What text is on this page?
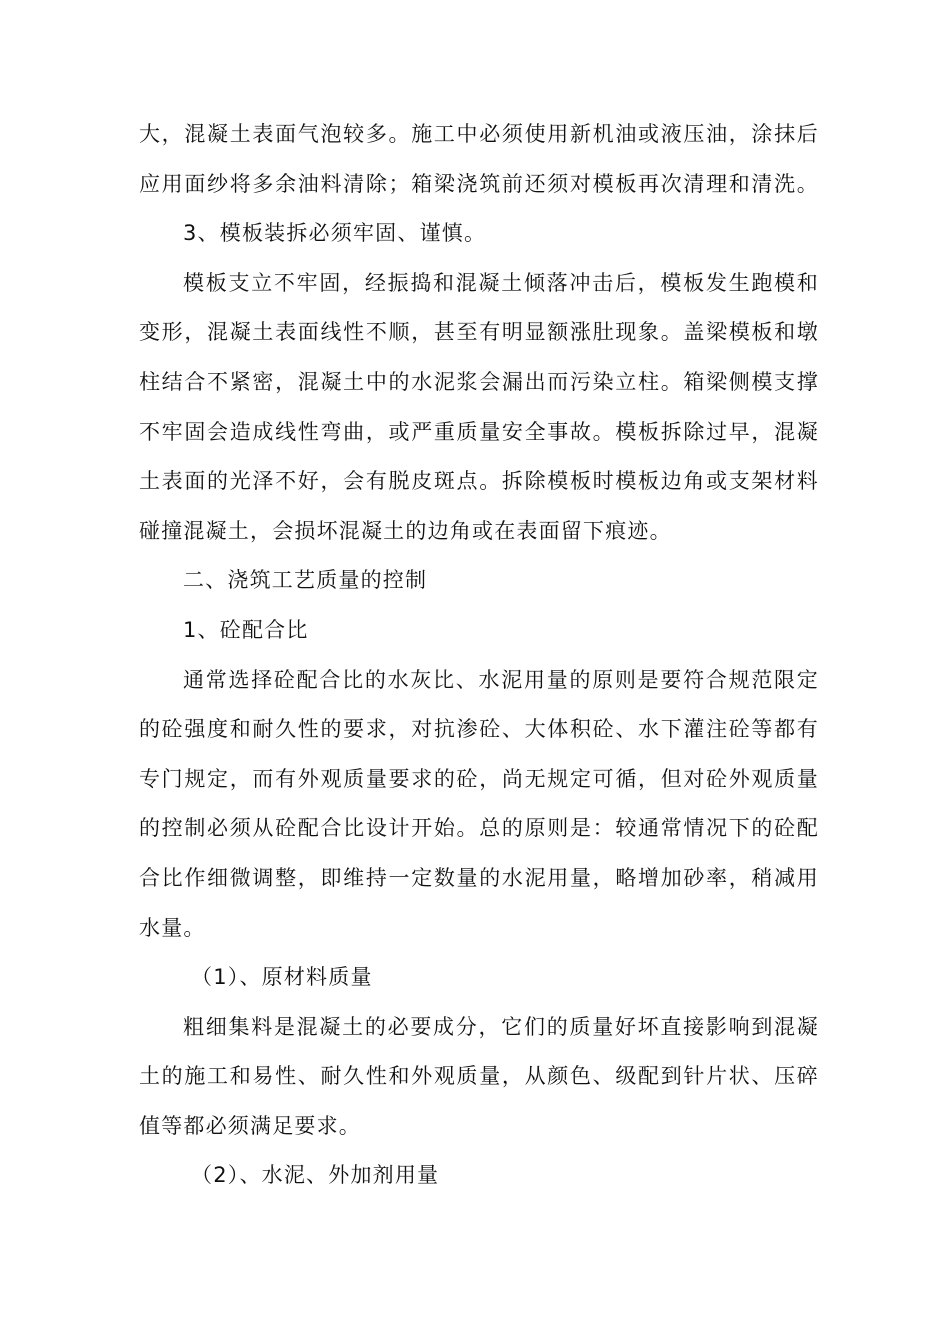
大，混凝土表面气泡较多。施工中必须使用新机油或液压油，涂抹后
应用面纱将多余油料清除；箱梁浇筑前还须对模板再次清理和清洗。
3、模板装拆必须牢固、谨慎。
模板支立不牢固，经振捣和混凝土倾落冲击后，模板发生跑模和
变形，混凝土表面线性不顺，甚至有明显额涨肚现象。盖梁模板和墩
柱结合不紧密，混凝土中的水泥浆会漏出而污染立柱。箱梁侧模支撑
不牢固会造成线性弯曲，或严重质量安全事故。模板拆除过早，混凝
土表面的光泽不好，会有脱皮斑点。拆除模板时模板边角或支架材料
碰撞混凝土，会损坏混凝土的边角或在表面留下痕迹。
二、浇筑工艺质量的控制
1、砼配合比
通常选择砼配合比的水灰比、水泥用量的原则是要符合规范限定
的砼强度和耐久性的要求，对抗渗砼、大体积砼、水下灌注砼等都有
专门规定，而有外观质量要求的砼，尚无规定可循，但对砼外观质量
的控制必须从砼配合比设计开始。总的原则是：较通常情况下的砼配
合比作细微调整，即维持一定数量的水泥用量，略增加砂率，稍减用
水量。
（1）、原材料质量
粗细集料是混凝土的必要成分，它们的质量好坏直接影响到混凝
土的施工和易性、耐久性和外观质量，从颜色、级配到针片状、压碎
值等都必须满足要求。
（2）、水泥、外加剂用量
